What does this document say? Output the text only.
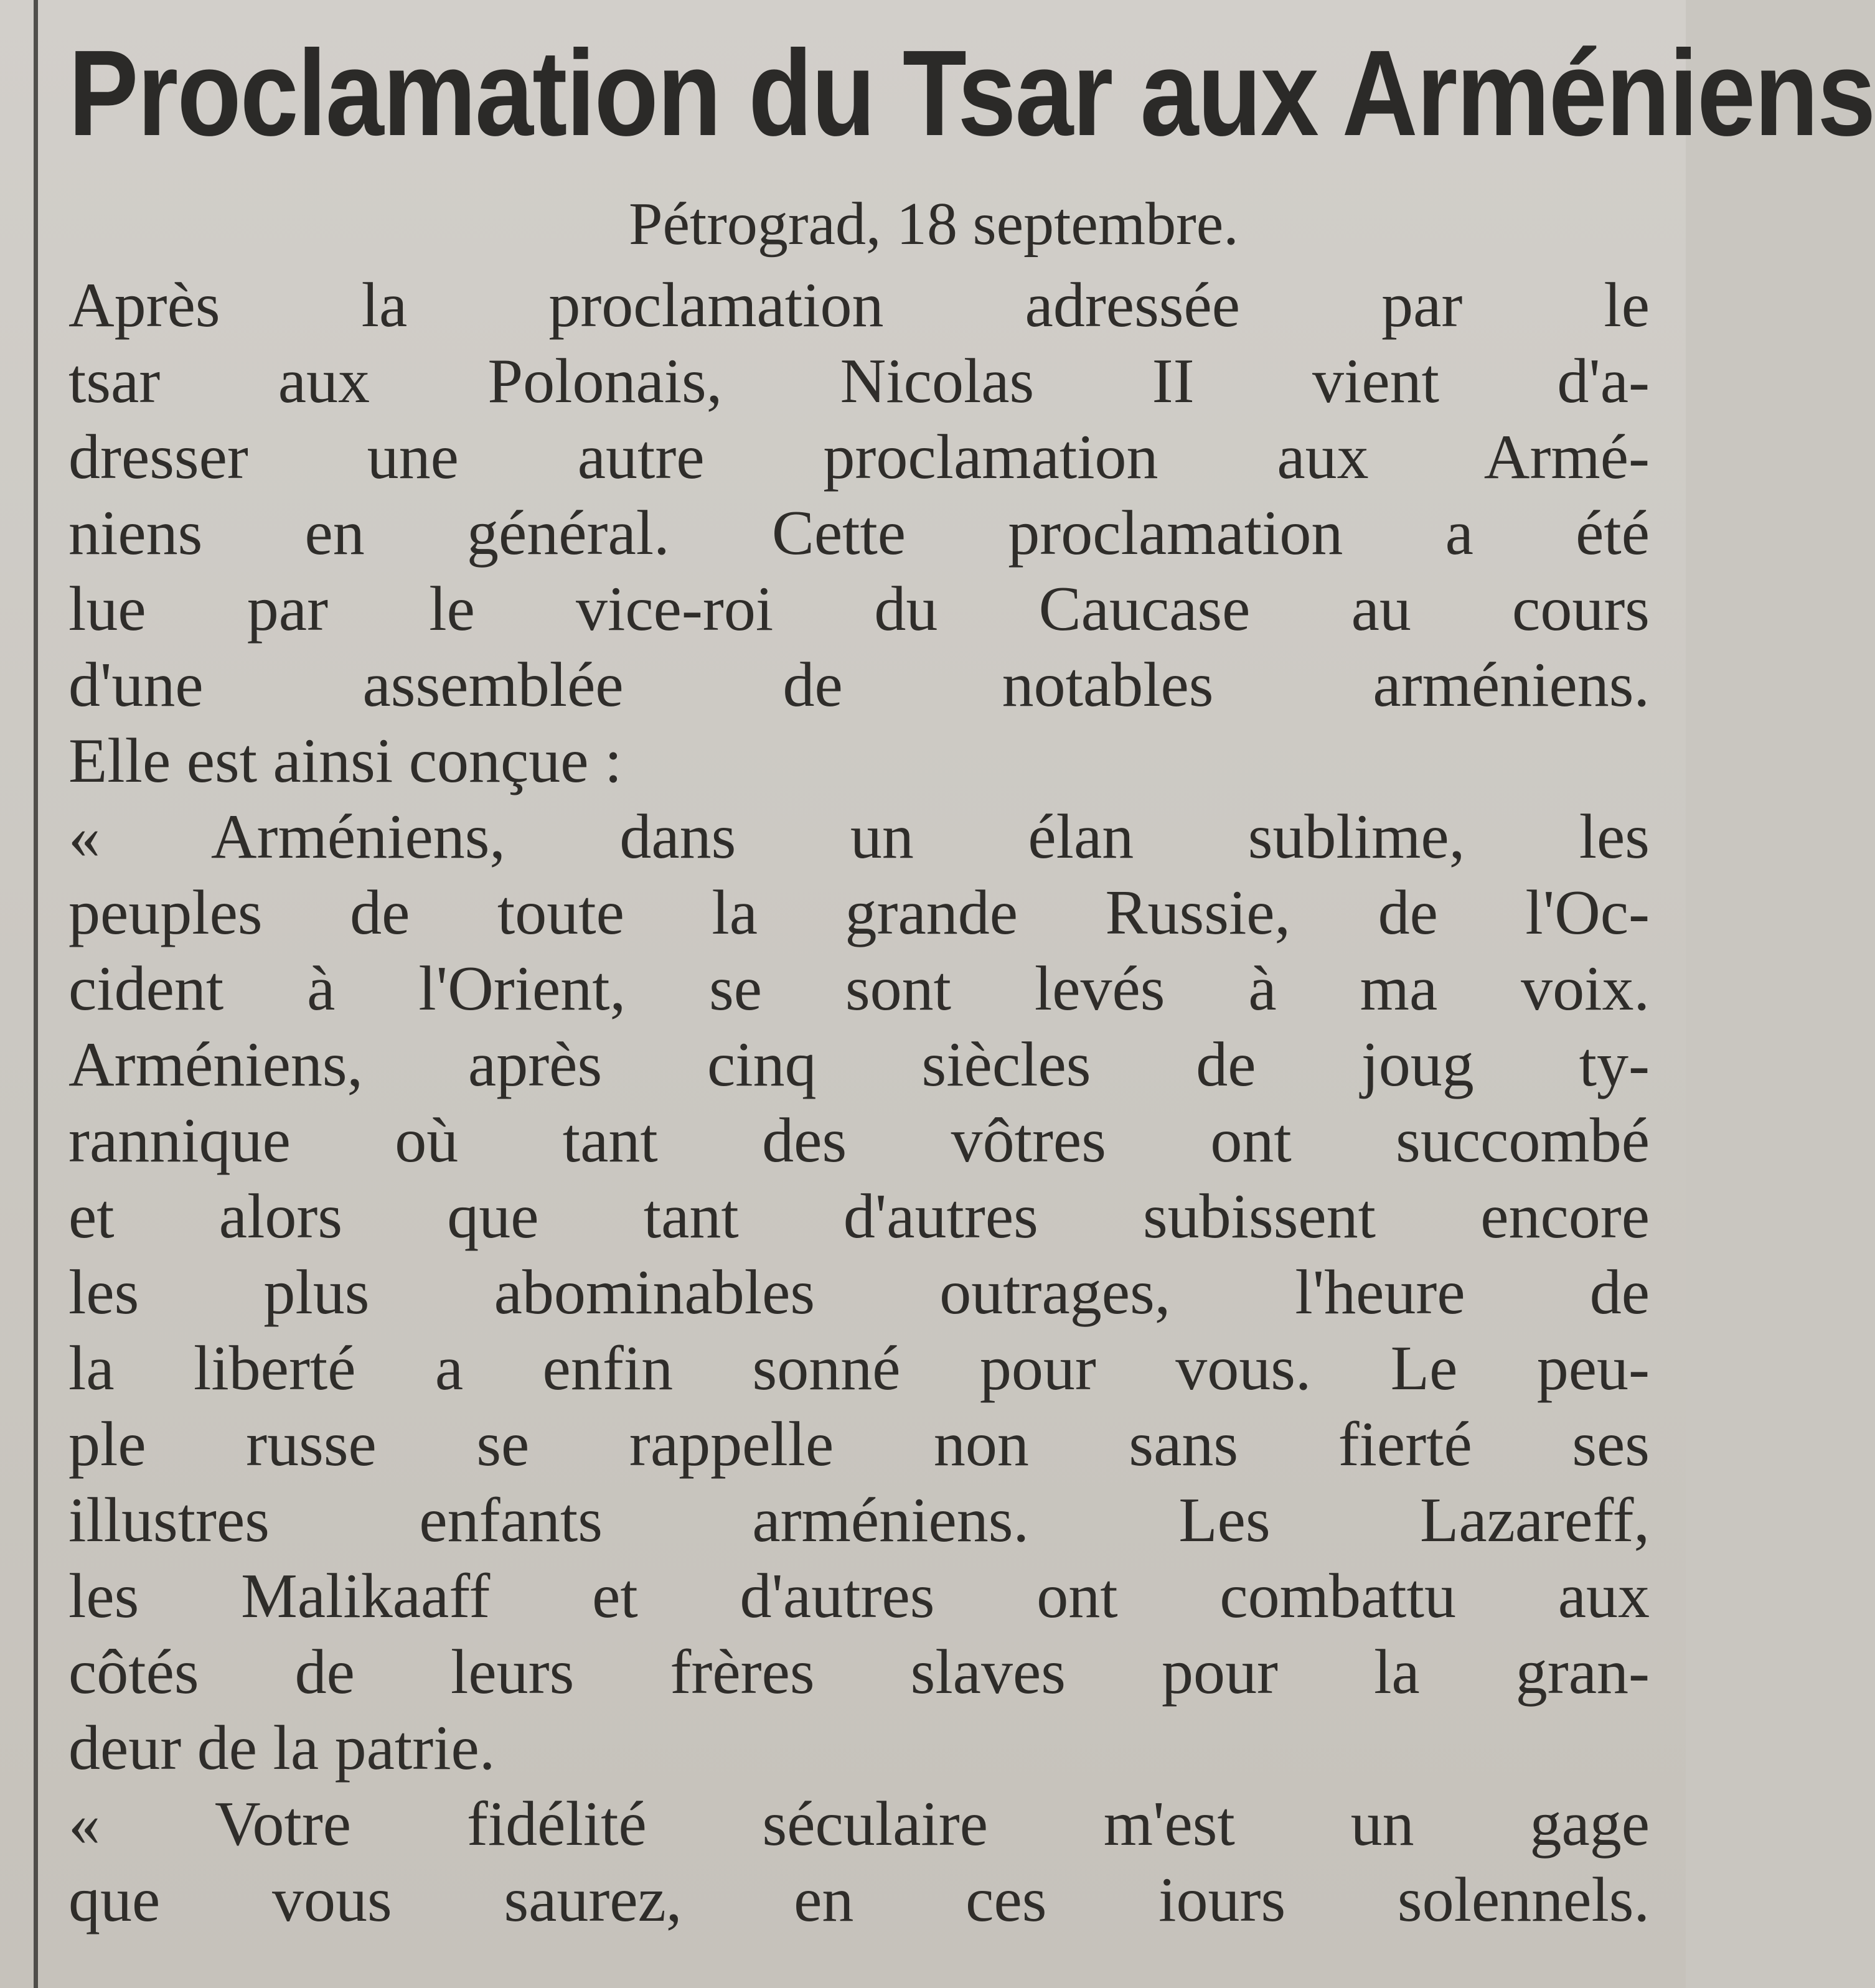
Proclamation du Tsar aux Arméniens
Pétrograd, 18 septembre.
Après la proclamation adressée par le
tsar aux Polonais, Nicolas II vient d'a-
dresser une autre proclamation aux Armé-
niens en général. Cette proclamation a été
lue par le vice-roi du Caucase au cours
d'une assemblée de notables arméniens.
Elle est ainsi conçue :
« Arméniens, dans un élan sublime, les
peuples de toute la grande Russie, de l'Oc-
cident à l'Orient, se sont levés à ma voix.
Arméniens, après cinq siècles de joug ty-
rannique où tant des vôtres ont succombé
et alors que tant d'autres subissent encore
les plus abominables outrages, l'heure de
la liberté a enfin sonné pour vous. Le peu-
ple russe se rappelle non sans fierté ses
illustres enfants arméniens. Les Lazareff,
les Malikaaff et d'autres ont combattu aux
côtés de leurs frères slaves pour la gran-
deur de la patrie.
« Votre fidélité séculaire m'est un gage
que vous saurez, en ces iours solennels.
